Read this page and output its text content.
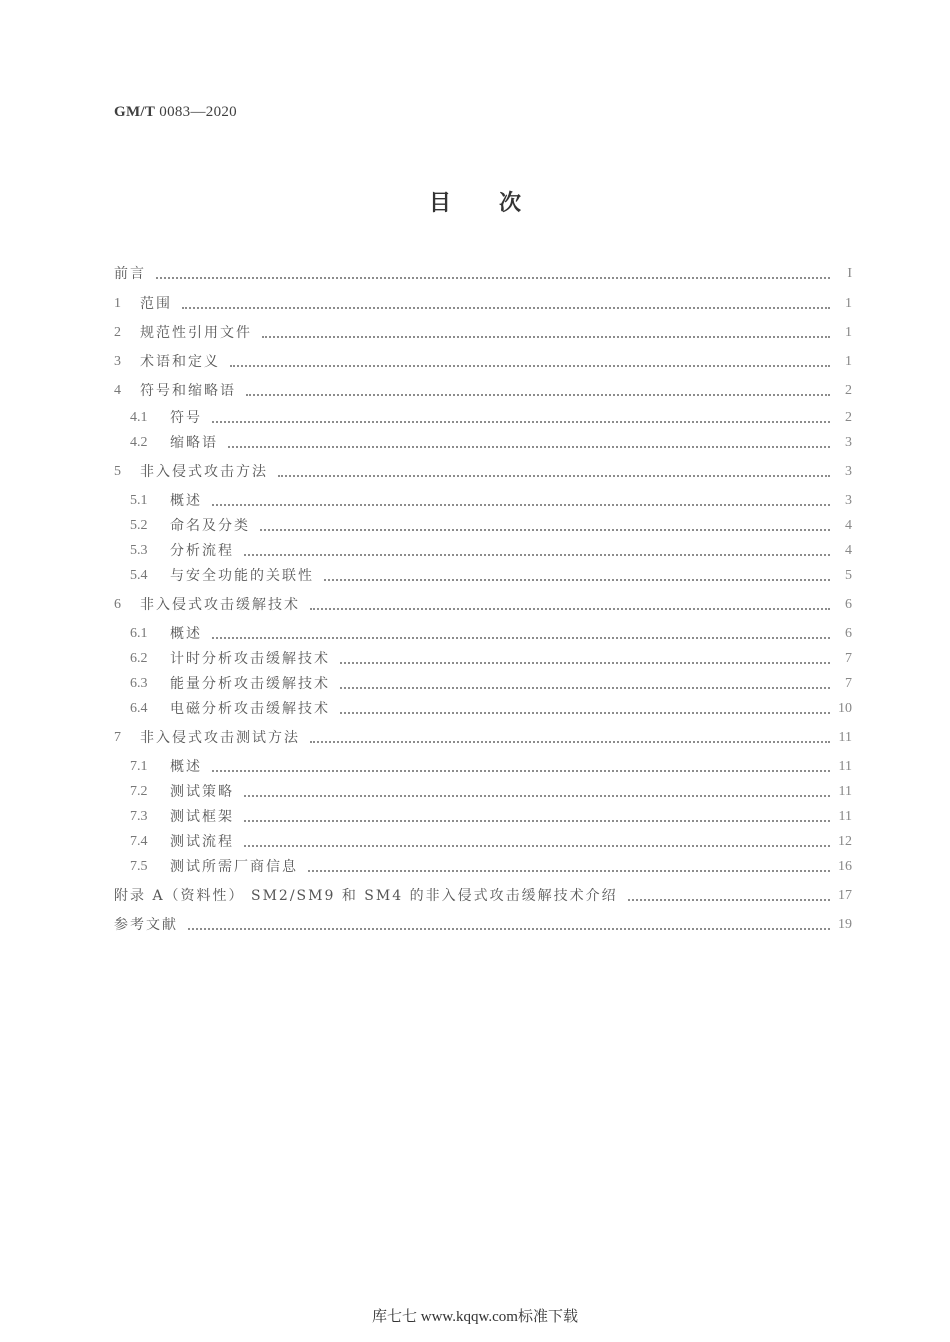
GM/T 0083—2020
目次
前言	I
1	范围	1
2	规范性引用文件	1
3	术语和定义	1
4	符号和缩略语	2
4.1	符号	2
4.2	缩略语	3
5	非入侵式攻击方法	3
5.1	概述	3
5.2	命名及分类	4
5.3	分析流程	4
5.4	与安全功能的关联性	5
6	非入侵式攻击缓解技术	6
6.1	概述	6
6.2	计时分析攻击缓解技术	7
6.3	能量分析攻击缓解技术	7
6.4	电磁分析攻击缓解技术	10
7	非入侵式攻击测试方法	11
7.1	概述	11
7.2	测试策略	11
7.3	测试框架	11
7.4	测试流程	12
7.5	测试所需厂商信息	16
附录 A（资料性） SM2/SM9 和 SM4 的非入侵式攻击缓解技术介绍	17
参考文献	19
库七七 www.kqqw.com标准下载
